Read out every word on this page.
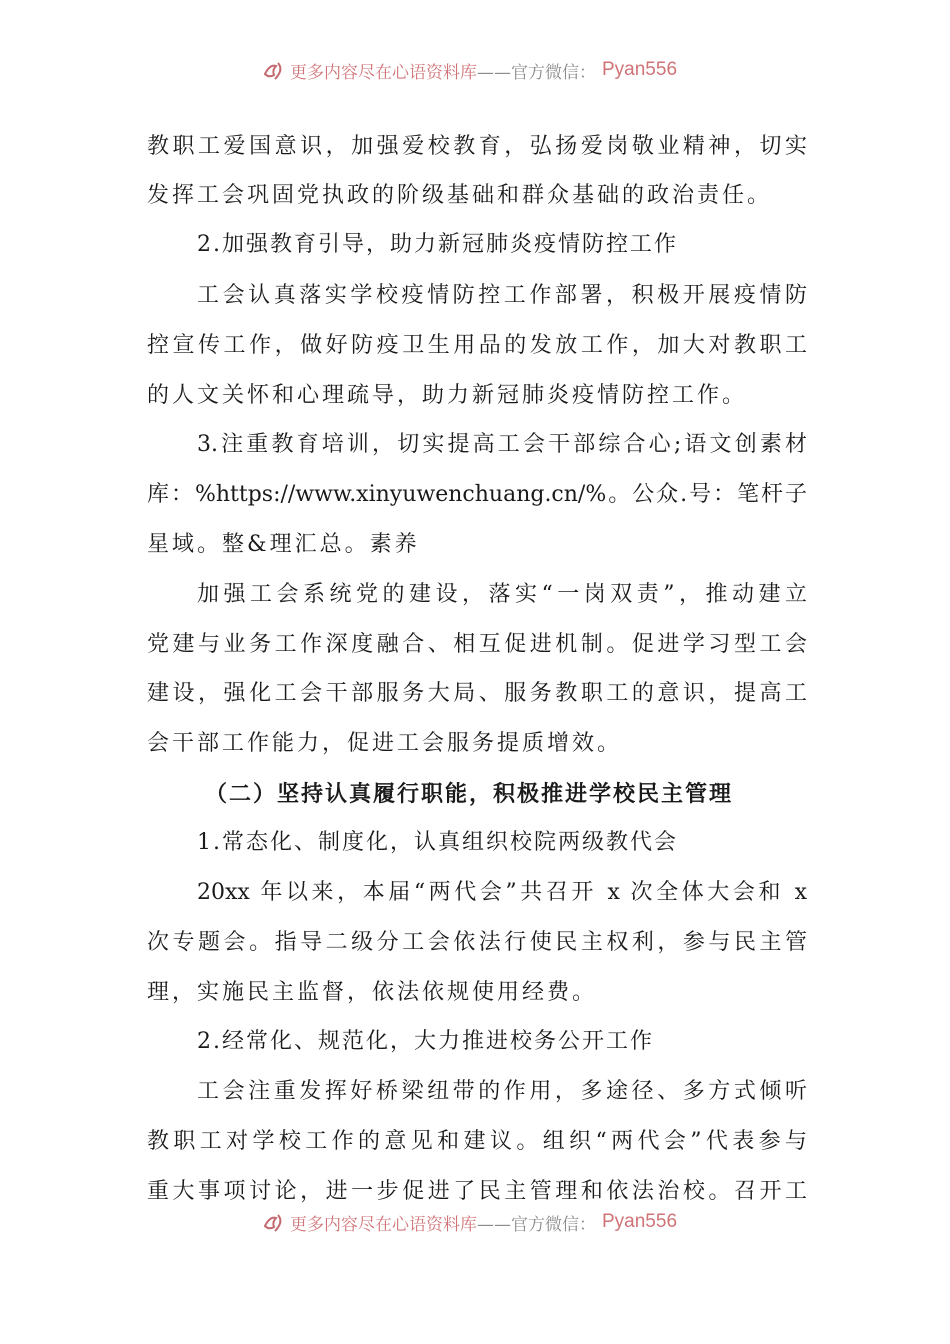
更多内容尽在心语资料库 ——官方微信： Pyan556
教职工爱国意识，加强爱校教育，弘扬爱岗敬业精神，切实
发挥工会巩固党执政的阶级基础和群众基础的政治责任。
2.加强教育引导，助力新冠肺炎疫情防控工作
工会认真落实学校疫情防控工作部署，积极开展疫情防
控宣传工作，做好防疫卫生用品的发放工作，加大对教职工
的人文关怀和心理疏导，助力新冠肺炎疫情防控工作。
3.注重教育培训，切实提高工会干部综合心;语文创素材
库：%https://www.xinyuwenchuang.cn/%。公众.号：笔杆子
星域。整&理汇总。素养
加强工会系统党的建设，落实“一岗双责”，推动建立
党建与业务工作深度融合、相互促进机制。促进学习型工会
建设，强化工会干部服务大局、服务教职工的意识，提高工
会干部工作能力，促进工会服务提质增效。
（二）坚持认真履行职能，积极推进学校民主管理
1.常态化、制度化，认真组织校院两级教代会
20xx 年以来，本届“两代会”共召开 x 次全体大会和 x
次专题会。指导二级分工会依法行使民主权利，参与民主管
理，实施民主监督，依法依规使用经费。
2.经常化、规范化，大力推进校务公开工作
工会注重发挥好桥梁纽带的作用，多途径、多方式倾听
教职工对学校工作的意见和建议。组织“两代会”代表参与
重大事项讨论，进一步促进了民主管理和依法治校。召开工
更多内容尽在心语资料库 ——官方微信： Pyan556
